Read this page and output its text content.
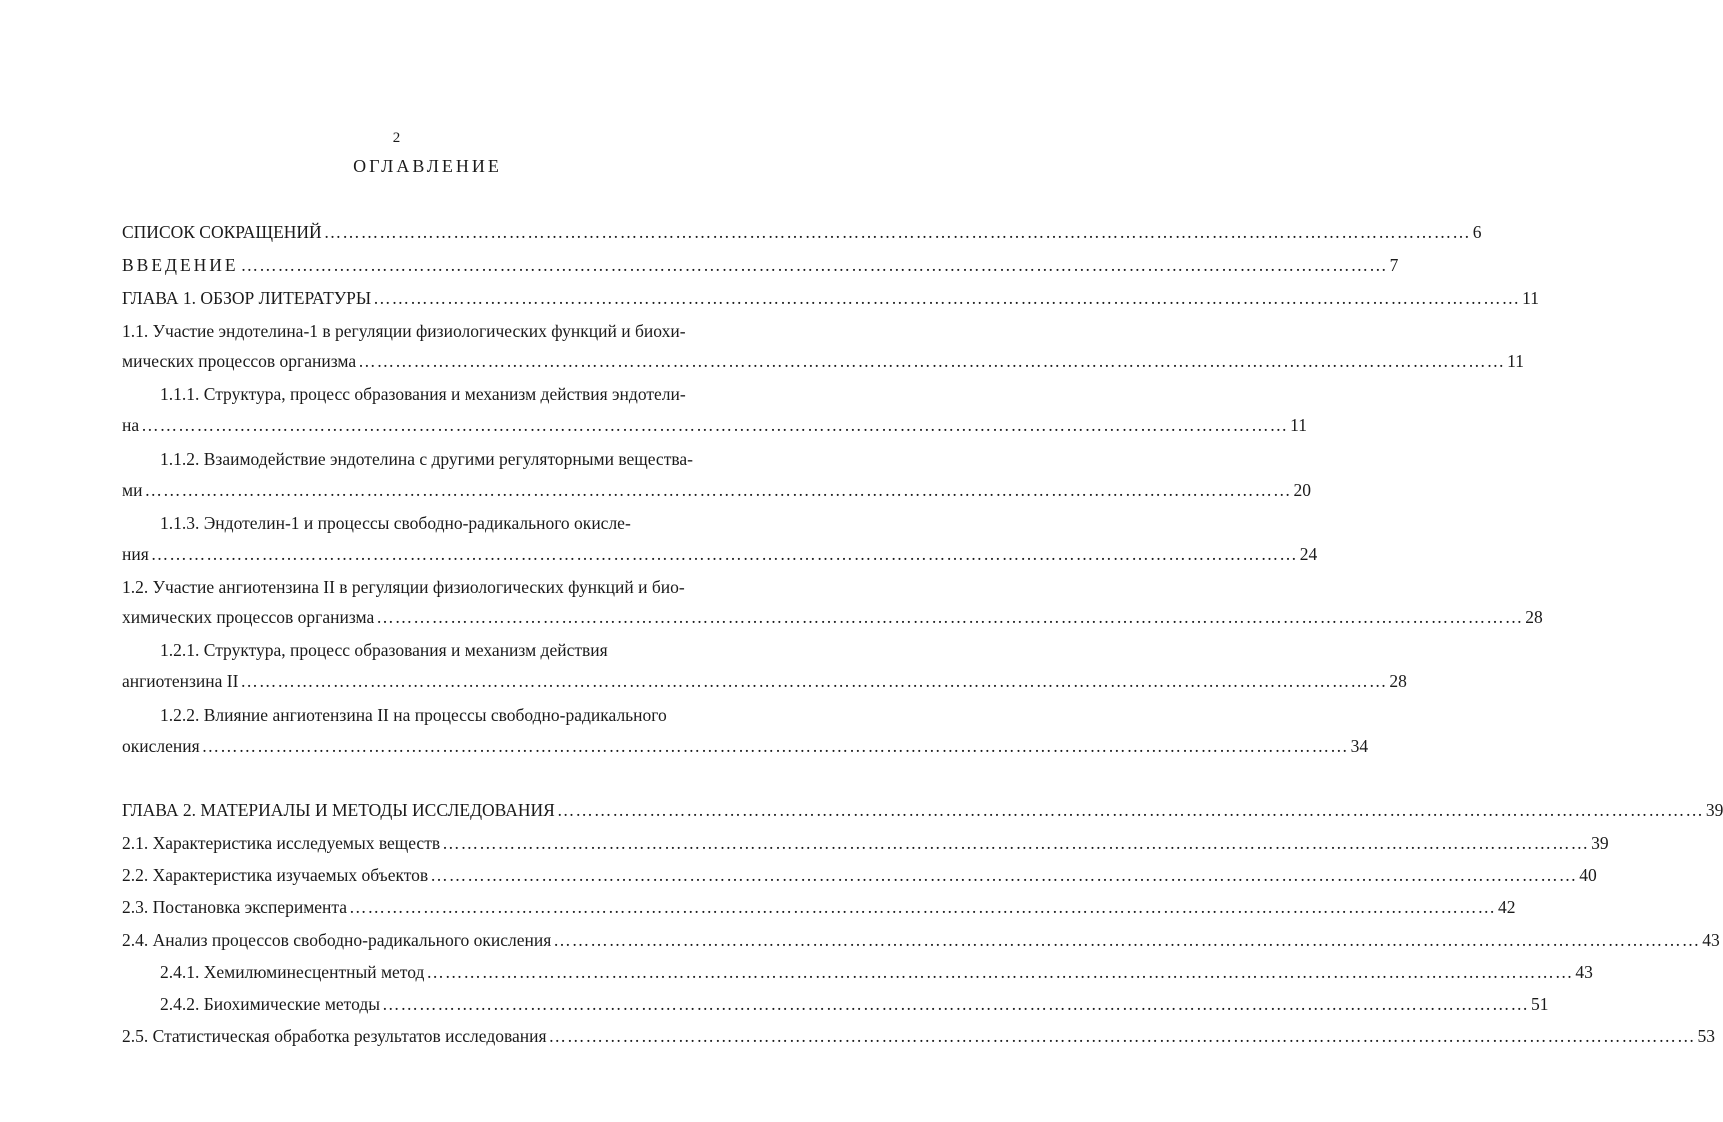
2
ОГЛАВЛЕНИЕ
СПИСОК СОКРАЩЕНИЙ …………………………………………………………………………………………………………………………………………………………………… 6
ВВЕДЕНИЕ …………………………………………………………………………………………………………………………………………………………………… 7
ГЛАВА 1. ОБЗОР ЛИТЕРАТУРЫ …………………………………………………………………………………………………………………………………………………………………… 11
1.1. Участие эндотелина-1 в регуляции физиологических функций и биохи-
мических процессов организма …………………………………………………………………………………………………………………………………………………………………… 11
1.1.1. Структура, процесс образования и механизм действия эндотели-
на …………………………………………………………………………………………………………………………………………………………………… 11
1.1.2. Взаимодействие эндотелина с другими регуляторными вещества-
ми …………………………………………………………………………………………………………………………………………………………………… 20
1.1.3. Эндотелин-1 и процессы свободно-радикального окисле-
ния …………………………………………………………………………………………………………………………………………………………………… 24
1.2. Участие ангиотензина II в регуляции физиологических функций и био-
химических процессов организма …………………………………………………………………………………………………………………………………………………………………… 28
1.2.1. Структура, процесс образования и механизм действия
ангиотензина II …………………………………………………………………………………………………………………………………………………………………… 28
1.2.2. Влияние ангиотензина II на процессы свободно-радикального
окисления …………………………………………………………………………………………………………………………………………………………………… 34
ГЛАВА 2. МАТЕРИАЛЫ И МЕТОДЫ ИССЛЕДОВАНИЯ …………………………………………………………………………………………………………………………………………………………………… 39
2.1. Характеристика исследуемых веществ …………………………………………………………………………………………………………………………………………………………………… 39
2.2. Характеристика изучаемых объектов …………………………………………………………………………………………………………………………………………………………………… 40
2.3. Постановка эксперимента …………………………………………………………………………………………………………………………………………………………………… 42
2.4. Анализ процессов свободно-радикального окисления …………………………………………………………………………………………………………………………………………………………………… 43
2.4.1. Хемилюминесцентный метод …………………………………………………………………………………………………………………………………………………………………… 43
2.4.2. Биохимические методы …………………………………………………………………………………………………………………………………………………………………… 51
2.5. Статистическая обработка результатов исследования …………………………………………………………………………………………………………………………………………………………………… 53
